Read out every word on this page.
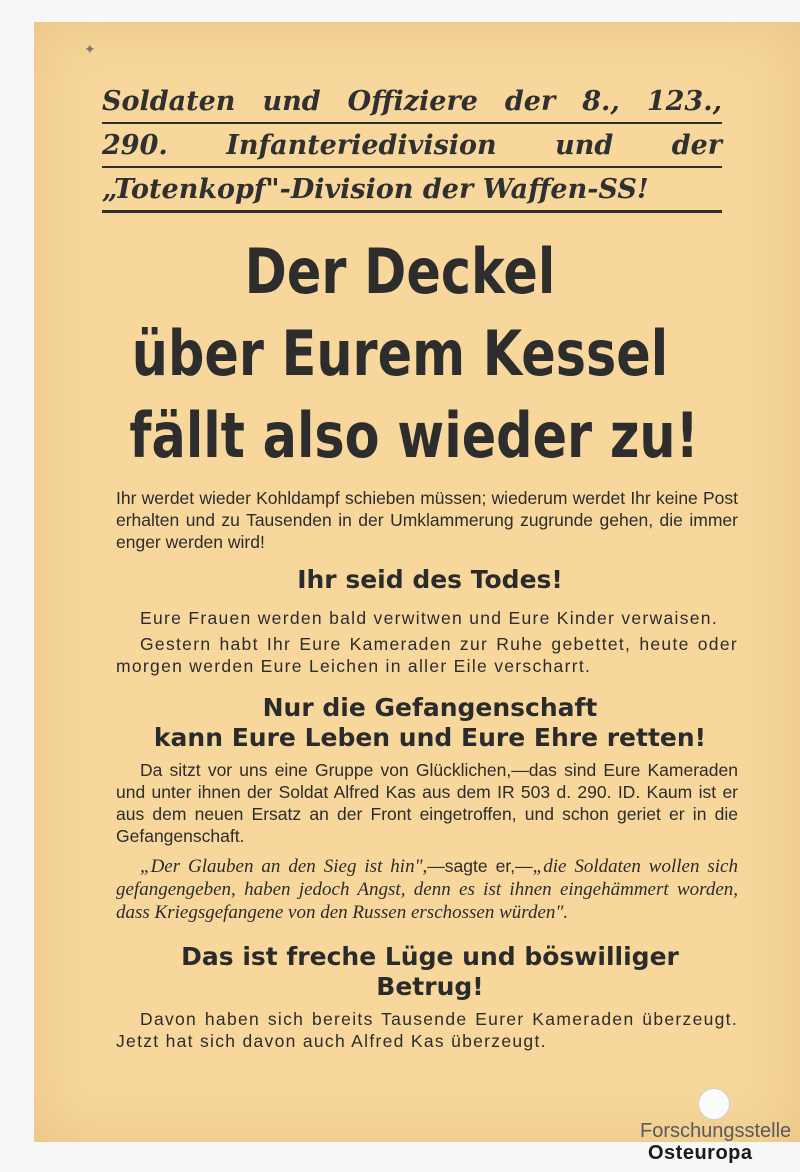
✦
Soldaten und Offiziere der 8., 123.,
290. Infanteriedivision und der
„Totenkopf"-Division der Waffen-SS!
Der Deckel
über Eurem Kessel
fällt also wieder zu!
Ihr werdet wieder Kohldampf schieben müssen; wiederum werdet Ihr keine Post erhalten und zu Tausenden in der Umklammerung zugrunde gehen, die immer enger werden wird!
Ihr seid des Todes!
Eure Frauen werden bald verwitwen und Eure Kinder verwaisen.
Gestern habt Ihr Eure Kameraden zur Ruhe gebettet, heute oder morgen werden Eure Leichen in aller Eile verscharrt.
Nur die Gefangenschaft
kann Eure Leben und Eure Ehre retten!
Da sitzt vor uns eine Gruppe von Glücklichen,—das sind Eure Kameraden und unter ihnen der Soldat Alfred Kas aus dem IR 503 d. 290. ID. Kaum ist er aus dem neuen Ersatz an der Front eingetroffen, und schon geriet er in die Gefangenschaft.
„Der Glauben an den Sieg ist hin",—sagte er,—„die Soldaten wollen sich gefangengeben, haben jedoch Angst, denn es ist ihnen eingehämmert worden, dass Kriegsgefangene von den Russen erschossen würden".
Das ist freche Lüge und böswilliger
Betrug!
Davon haben sich bereits Tausende Eurer Kameraden überzeugt. Jetzt hat sich davon auch Alfred Kas überzeugt.
Forschungsstelle
Osteuropa
